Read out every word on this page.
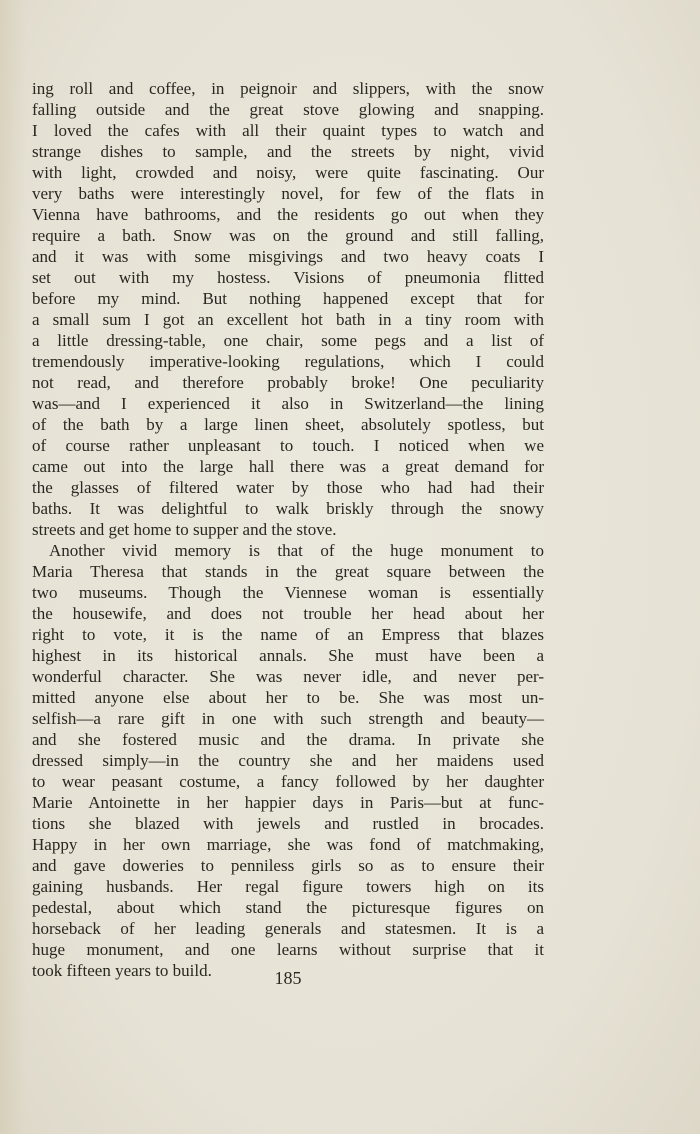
ing roll and coffee, in peignoir and slippers, with the snow
falling outside and the great stove glowing and snapping.
I loved the cafes with all their quaint types to watch and
strange dishes to sample, and the streets by night, vivid
with light, crowded and noisy, were quite fascinating. Our
very baths were interestingly novel, for few of the flats in
Vienna have bathrooms, and the residents go out when they
require a bath. Snow was on the ground and still falling,
and it was with some misgivings and two heavy coats I
set out with my hostess. Visions of pneumonia flitted
before my mind. But nothing happened except that for
a small sum I got an excellent hot bath in a tiny room with
a little dressing-table, one chair, some pegs and a list of
tremendously imperative-looking regulations, which I could
not read, and therefore probably broke! One peculiarity
was—and I experienced it also in Switzerland—the lining
of the bath by a large linen sheet, absolutely spotless, but
of course rather unpleasant to touch. I noticed when we
came out into the large hall there was a great demand for
the glasses of filtered water by those who had had their
baths. It was delightful to walk briskly through the snowy
streets and get home to supper and the stove.
Another vivid memory is that of the huge monument to
Maria Theresa that stands in the great square between the
two museums. Though the Viennese woman is essentially
the housewife, and does not trouble her head about her
right to vote, it is the name of an Empress that blazes
highest in its historical annals. She must have been a
wonderful character. She was never idle, and never per-
mitted anyone else about her to be. She was most un-
selfish—a rare gift in one with such strength and beauty—
and she fostered music and the drama. In private she
dressed simply—in the country she and her maidens used
to wear peasant costume, a fancy followed by her daughter
Marie Antoinette in her happier days in Paris—but at func-
tions she blazed with jewels and rustled in brocades.
Happy in her own marriage, she was fond of matchmaking,
and gave doweries to penniless girls so as to ensure their
gaining husbands. Her regal figure towers high on its
pedestal, about which stand the picturesque figures on
horseback of her leading generals and statesmen. It is a
huge monument, and one learns without surprise that it
took fifteen years to build.	185
